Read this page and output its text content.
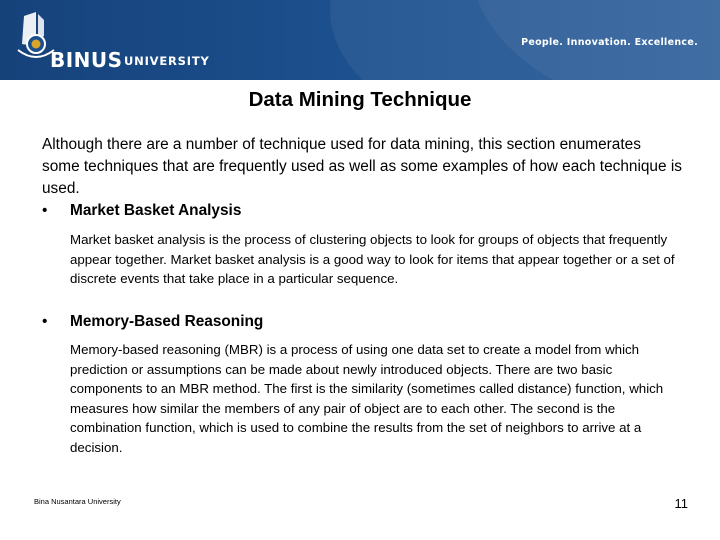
BINUS UNIVERSITY
People. Innovation. Excellence.
Data Mining Technique
Although there are a number of technique used for data mining, this section enumerates some techniques that are frequently used as well as some examples of how each technique is used.
• Market Basket Analysis
Market basket analysis is the process of clustering objects to look for groups of objects that frequently appear together. Market basket analysis is a good way to look for items that appear together or a set of discrete events that take place in a particular sequence.
• Memory-Based Reasoning
Memory-based reasoning (MBR) is a process of using one data set to create a model from which prediction or assumptions can be made about newly introduced objects. There are two basic components to an MBR method. The first is the similarity (sometimes called distance) function, which measures how similar the members of any pair of object are to each other. The second is the combination function, which is used to combine the results from the set of neighbors to arrive at a decision.
Bina Nusantara University	11
